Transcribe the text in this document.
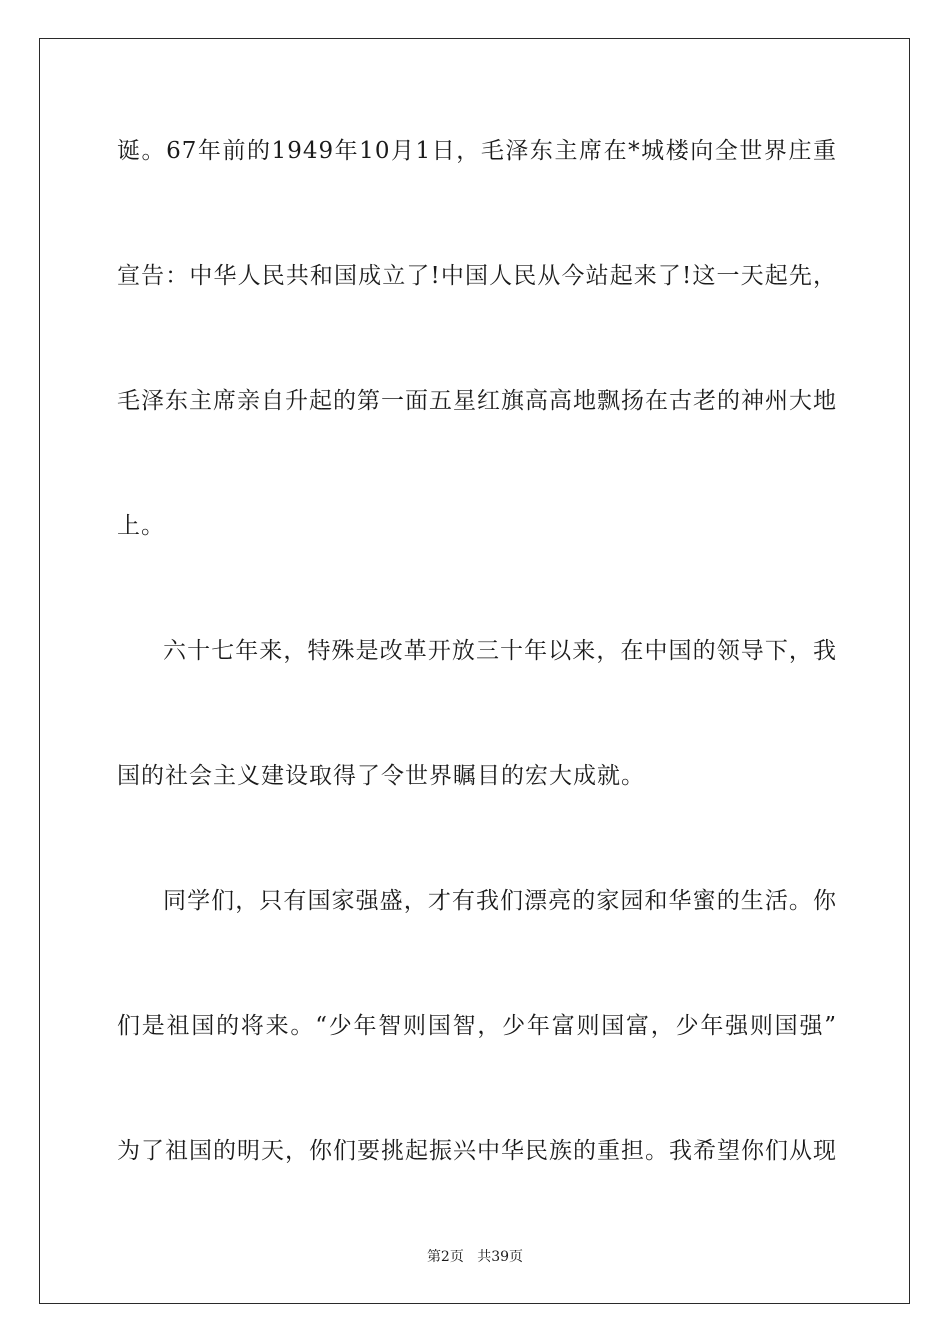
诞。67年前的1949年10月1日，毛泽东主席在*城楼向全世界庄重
宣告：中华人民共和国成立了!中国人民从今站起来了!这一天起先，
毛泽东主席亲自升起的第一面五星红旗高高地飘扬在古老的神州大地
上。
六十七年来，特殊是改革开放三十年以来，在中国的领导下，我
国的社会主义建设取得了令世界瞩目的宏大成就。
同学们，只有国家强盛，才有我们漂亮的家园和华蜜的生活。你
们是祖国的将来。“少年智则国智，少年富则国富，少年强则国强”
为了祖国的明天，你们要挑起振兴中华民族的重担。我希望你们从现
第2页 共39页
